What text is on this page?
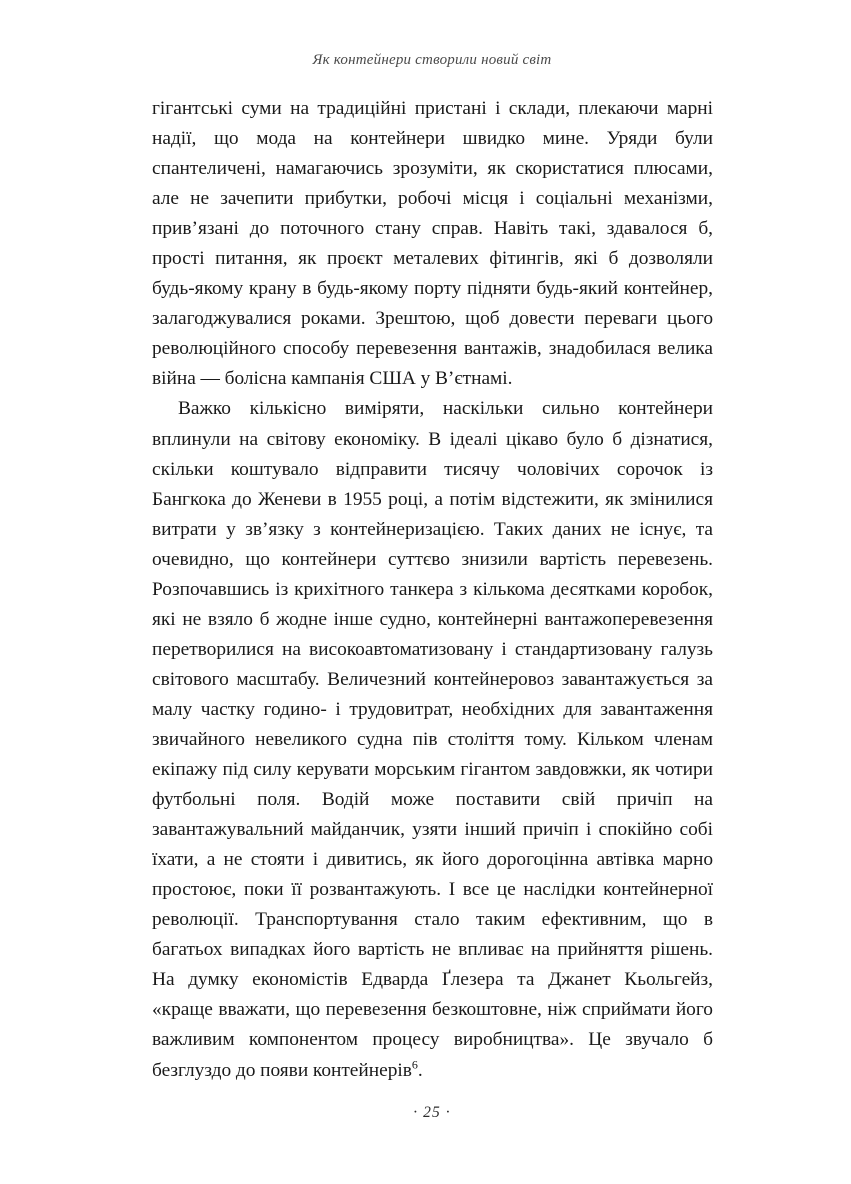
Як контейнери створили новий світ

гігантські суми на традиційні пристані і склади, плекаючи марні надії, що мода на контейнери швидко мине. Уряди були спантеличені, намагаючись зрозуміти, як скористатися плюсами, але не зачепити прибутки, робочі місця і соціальні механізми, прив’язані до поточного стану справ. Навіть такі, здавалося б, прості питання, як проєкт металевих фітингів, які б дозволяли будь-якому крану в будь-якому порту підняти будь-який контейнер, залагоджувалися роками. Зрештою, щоб довести переваги цього революційного способу перевезення вантажів, знадобилася велика війна — болісна кампанія США у В’єтнамі.

Важко кількісно виміряти, наскільки сильно контейнери вплинули на світову економіку. В ідеалі цікаво було б дізнатися, скільки коштувало відправити тисячу чоловічих сорочок із Бангкока до Женеви в 1955 році, а потім відстежити, як змінилися витрати у зв’язку з контейнеризацією. Таких даних не існує, та очевидно, що контейнери суттєво знизили вартість перевезень. Розпочавшись із крихітного танкера з кількома десятками коробок, які не взяло б жодне інше судно, контейнерні вантажоперевезення перетворилися на високоавтоматизовану і стандартизовану галузь світового масштабу. Величезний контейнеровоз завантажується за малу частку годино- і трудовитрат, необхідних для завантаження звичайного невеликого судна пів століття тому. Кільком членам екіпажу під силу керувати морським гігантом завдовжки, як чотири футбольні поля. Водій може поставити свій причіп на завантажувальний майданчик, узяти інший причіп і спокійно собі їхати, а не стояти і дивитись, як його дорогоцінна автівка марно простоює, поки її розвантажують. І все це наслідки контейнерної революції. Транспортування стало таким ефективним, що в багатьох випадках його вартість не впливає на прийняття рішень. На думку економістів Едварда Ґлезера та Джанет Кьольгейз, «краще вважати, що перевезення безкоштовне, ніж сприймати його важливим компонентом процесу виробництва». Це звучало б безглуздо до появи контейнерів$^6$.

· 25 ·
